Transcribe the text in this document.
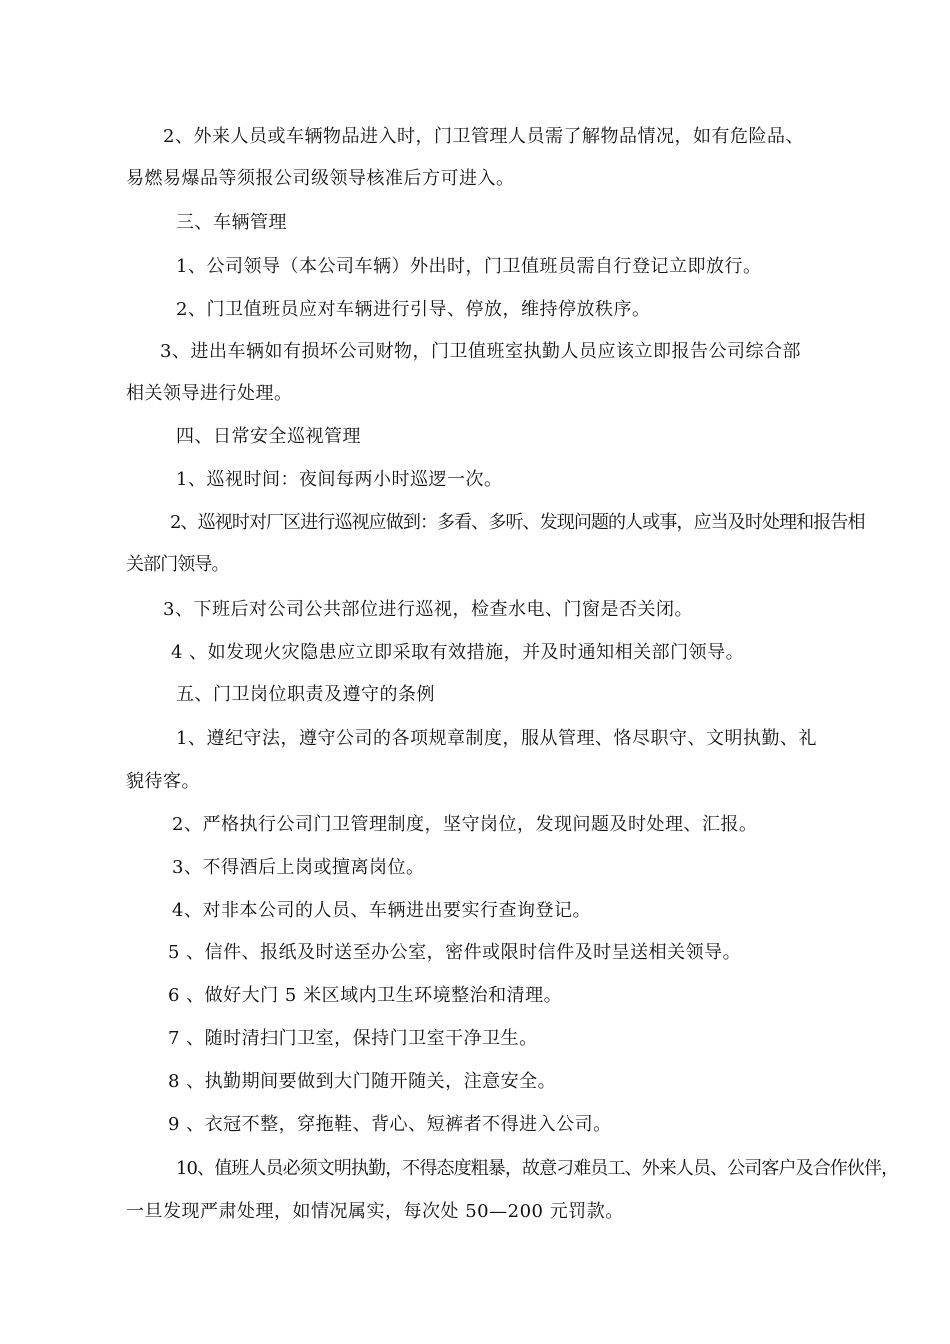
2、外来人员或车辆物品进入时，门卫管理人员需了解物品情况，如有危险品、
易燃易爆品等须报公司级领导核准后方可进入。
三、车辆管理
1、公司领导（本公司车辆）外出时，门卫值班员需自行登记立即放行。
2、门卫值班员应对车辆进行引导、停放，维持停放秩序。
3、进出车辆如有损坏公司财物，门卫值班室执勤人员应该立即报告公司综合部
相关领导进行处理。
四、日常安全巡视管理
1、巡视时间：夜间每两小时巡逻一次。
2、巡视时对厂区进行巡视应做到：多看、多听、发现问题的人或事，应当及时处理和报告相
关部门领导。
3、下班后对公司公共部位进行巡视，检查水电、门窗是否关闭。
4 、如发现火灾隐患应立即采取有效措施，并及时通知相关部门领导。
五、门卫岗位职责及遵守的条例
1、遵纪守法，遵守公司的各项规章制度，服从管理、恪尽职守、文明执勤、礼
貌待客。
2、严格执行公司门卫管理制度，坚守岗位，发现问题及时处理、汇报。
3、不得酒后上岗或擅离岗位。
4、对非本公司的人员、车辆进出要实行查询登记。
5 、信件、报纸及时送至办公室，密件或限时信件及时呈送相关领导。
6 、做好大门 5 米区域内卫生环境整治和清理。
7 、随时清扫门卫室，保持门卫室干净卫生。
8 、执勤期间要做到大门随开随关，注意安全。
9 、衣冠不整，穿拖鞋、背心、短裤者不得进入公司。
10、值班人员必须文明执勤，不得态度粗暴，故意刁难员工、外来人员、公司客户及合作伙伴，
一旦发现严肃处理，如情况属实，每次处 50—200 元罚款。
